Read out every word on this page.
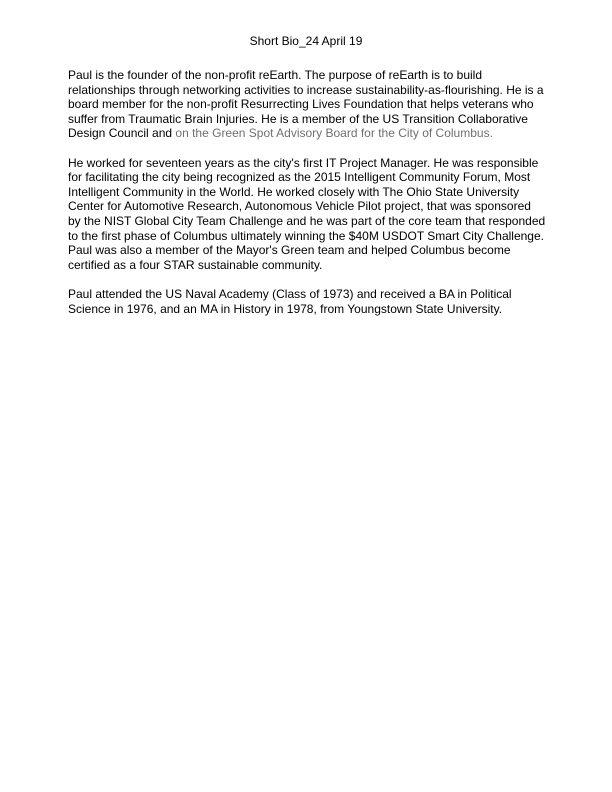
Short Bio_24 April 19

Paul is the founder of the non-profit reEarth. The purpose of reEarth is to build relationships through networking activities to increase sustainability-as-flourishing. He is a board member for the non-profit Resurrecting Lives Foundation that helps veterans who suffer from Traumatic Brain Injuries. He is a member of the US Transition Collaborative Design Council and on the Green Spot Advisory Board for the City of Columbus.

He worked for seventeen years as the city's first IT Project Manager. He was responsible for facilitating the city being recognized as the 2015 Intelligent Community Forum, Most Intelligent Community in the World. He worked closely with The Ohio State University Center for Automotive Research, Autonomous Vehicle Pilot project, that was sponsored by the NIST Global City Team Challenge and he was part of the core team that responded to the first phase of Columbus ultimately winning the $40M USDOT Smart City Challenge. Paul was also a member of the Mayor's Green team and helped Columbus become certified as a four STAR sustainable community.

Paul attended the US Naval Academy (Class of 1973) and received a BA in Political Science in 1976, and an MA in History in 1978, from Youngstown State University.
